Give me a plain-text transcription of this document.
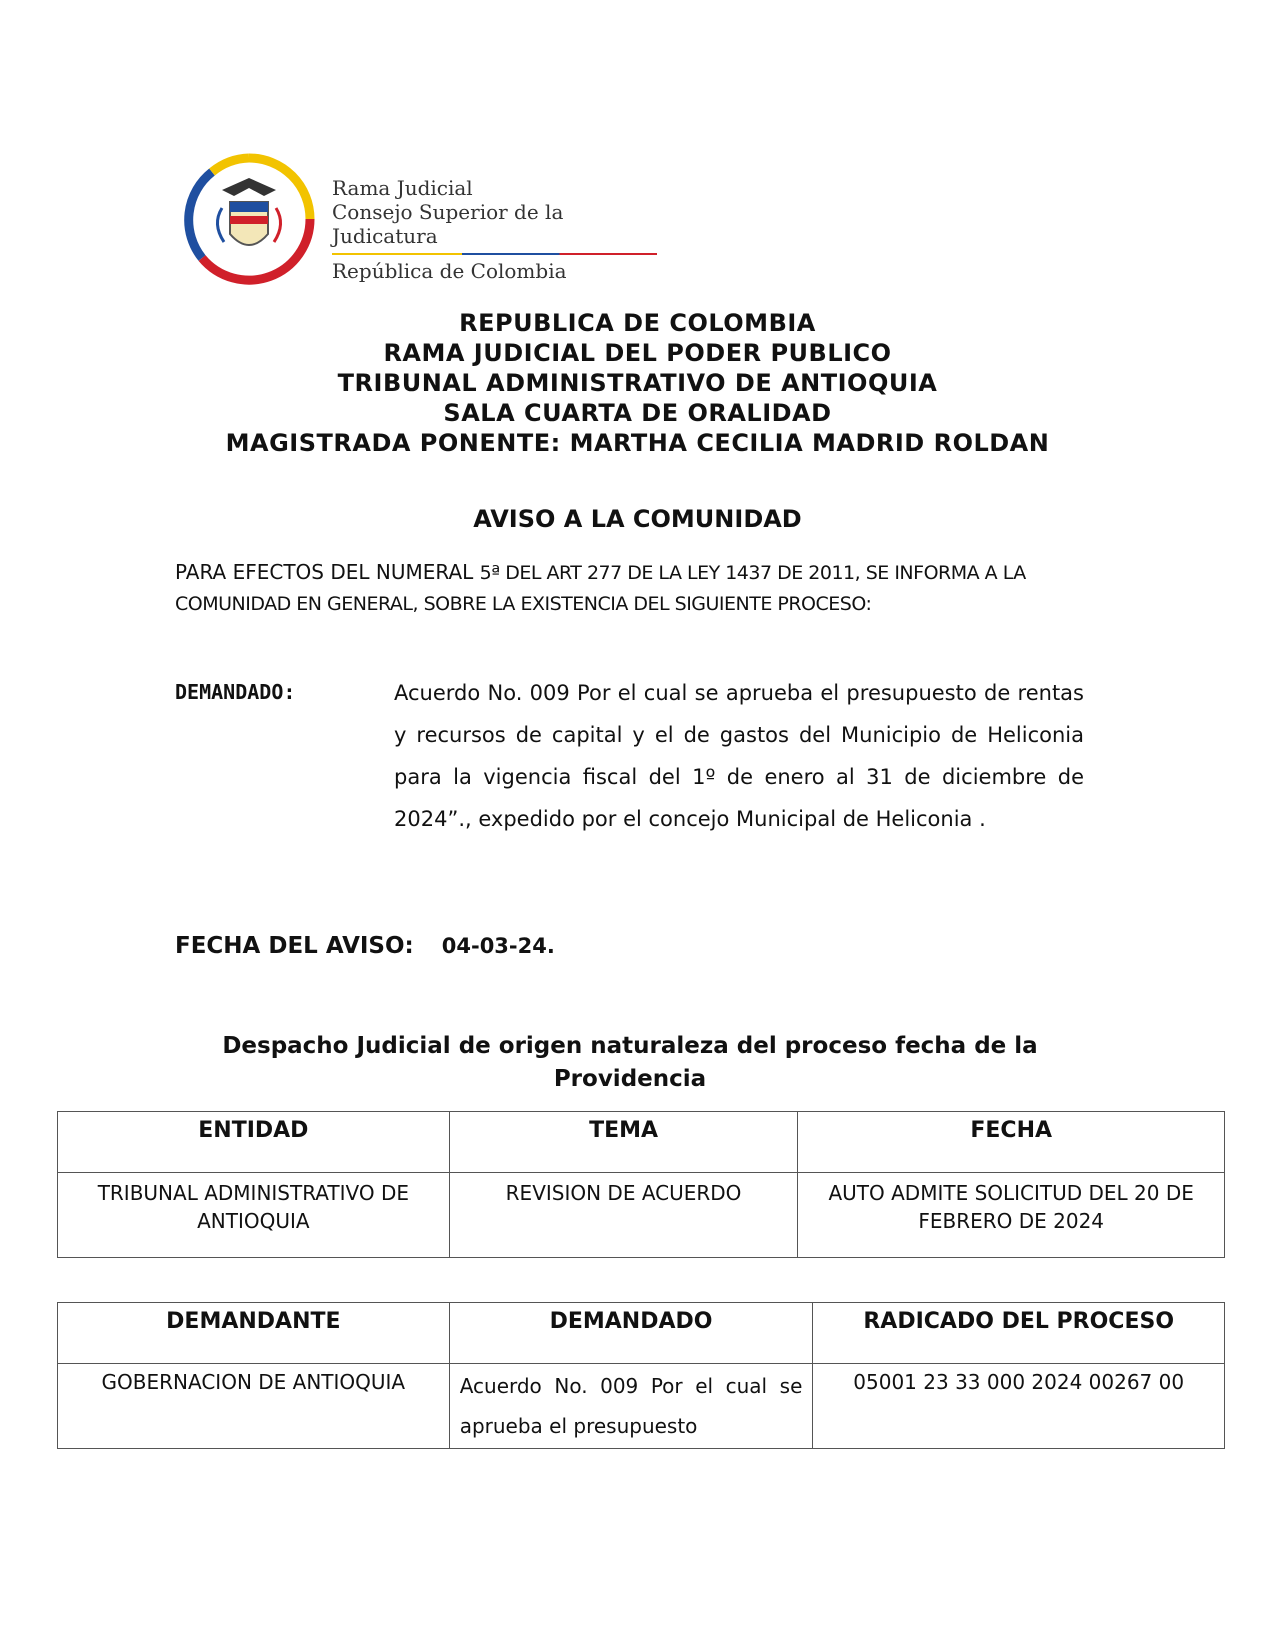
Rama Judicial
Consejo Superior de la Judicatura
República de Colombia
REPUBLICA DE COLOMBIA
RAMA JUDICIAL DEL PODER PUBLICO
TRIBUNAL ADMINISTRATIVO DE ANTIOQUIA
SALA CUARTA DE ORALIDAD
MAGISTRADA PONENTE: MARTHA CECILIA MADRID ROLDAN
AVISO A LA COMUNIDAD
PARA EFECTOS DEL NUMERAL 5ª DEL ART 277 DE LA LEY 1437 DE 2011, SE INFORMA A LA
COMUNIDAD EN GENERAL, SOBRE LA EXISTENCIA DEL SIGUIENTE PROCESO:
DEMANDADO:	Acuerdo No. 009 Por el cual se aprueba el presupuesto de rentas y recursos de capital y el de gastos del Municipio de Heliconia para la vigencia fiscal del 1º de enero al 31 de diciembre de 2024”., expedido por el concejo Municipal de Heliconia .
FECHA DEL AVISO: 04-03-24.
Despacho Judicial de origen naturaleza del proceso fecha de la
Providencia
ENTIDAD	TEMA	FECHA
TRIBUNAL ADMINISTRATIVO DE ANTIOQUIA	REVISION DE ACUERDO	AUTO ADMITE SOLICITUD DEL 20 DE FEBRERO DE 2024
DEMANDANTE	DEMANDADO	RADICADO DEL PROCESO
GOBERNACION DE ANTIOQUIA	Acuerdo No. 009 Por el cual se aprueba el presupuesto	05001 23 33 000 2024 00267 00
